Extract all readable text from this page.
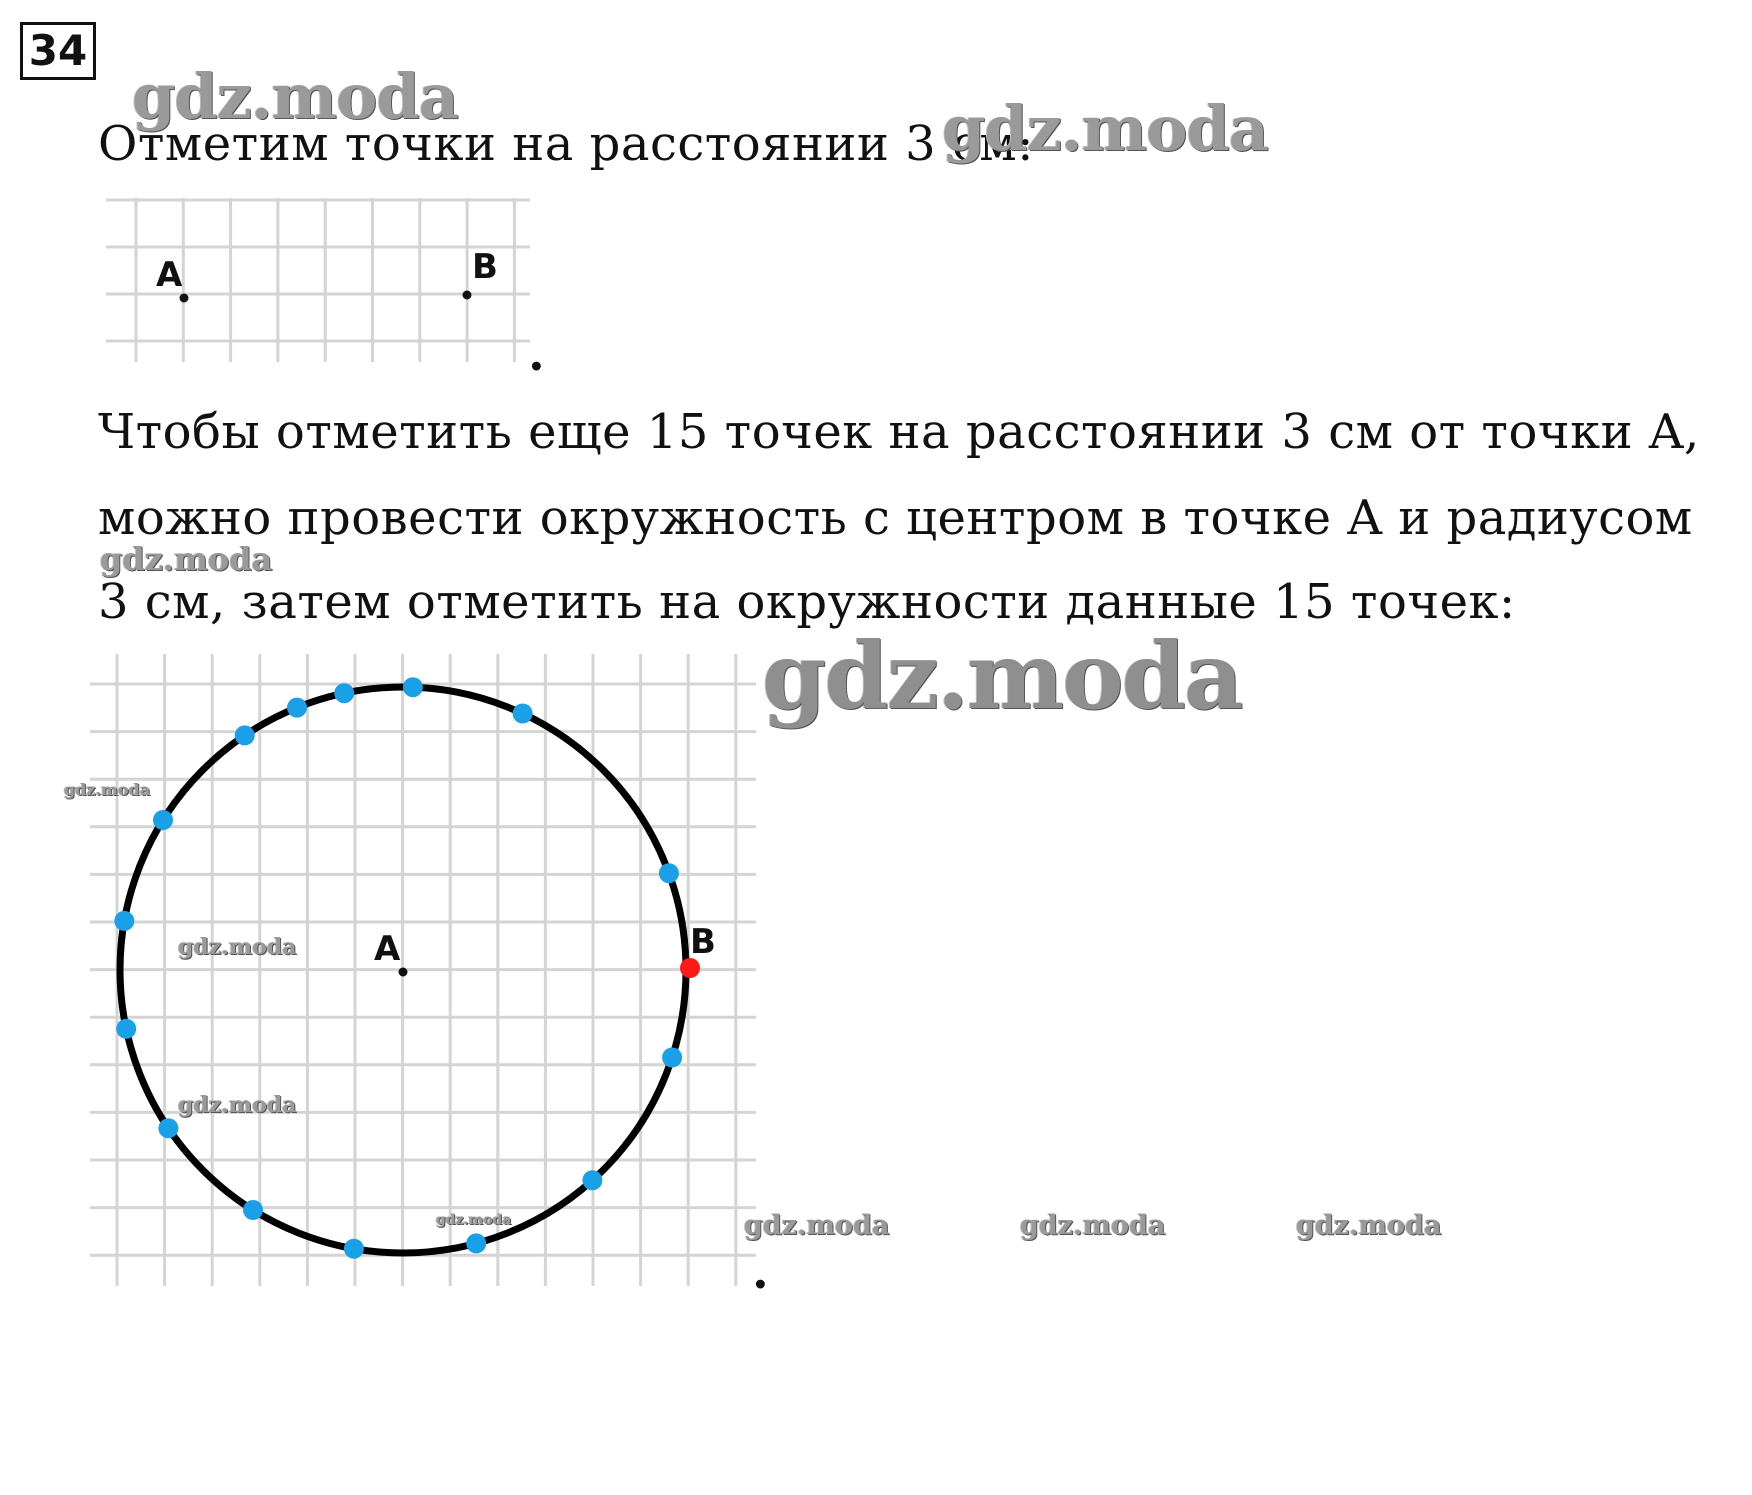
34
gdz.moda
Отметим точки на расстоянии 3 см:
gdz.moda
A	B
.
Чтобы отметить еще 15 точек на расстоянии 3 см от точки A,
можно провести окружность с центром в точке A и радиусом
gdz.moda
3 см, затем отметить на окружности данные 15 точек:
A	B
.
gdz.moda
gdz.moda
gdz.moda
gdz.moda
gdz.moda	gdz.moda	gdz.moda	gdz.moda
